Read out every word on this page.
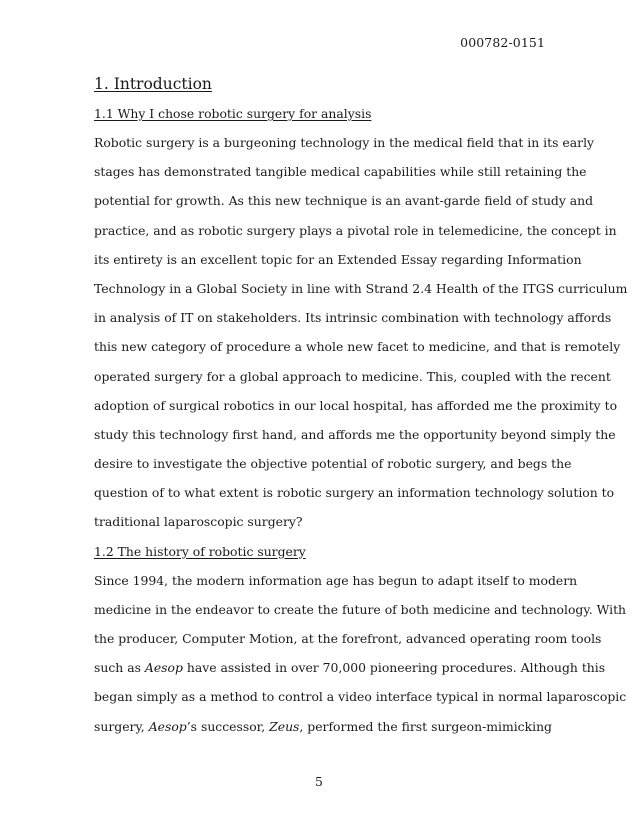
000782-0151
1. Introduction
1.1 Why I chose robotic surgery for analysis
Robotic surgery is a burgeoning technology in the medical field that in its early
stages has demonstrated tangible medical capabilities while still retaining the
potential for growth. As this new technique is an avant-garde field of study and
practice, and as robotic surgery plays a pivotal role in telemedicine, the concept in
its entirety is an excellent topic for an Extended Essay regarding Information
Technology in a Global Society in line with Strand 2.4 Health of the ITGS curriculum
in analysis of IT on stakeholders. Its intrinsic combination with technology affords
this new category of procedure a whole new facet to medicine, and that is remotely
operated surgery for a global approach to medicine. This, coupled with the recent
adoption of surgical robotics in our local hospital, has afforded me the proximity to
study this technology first hand, and affords me the opportunity beyond simply the
desire to investigate the objective potential of robotic surgery, and begs the
question of to what extent is robotic surgery an information technology solution to
traditional laparoscopic surgery?
1.2 The history of robotic surgery
Since 1994, the modern information age has begun to adapt itself to modern
medicine in the endeavor to create the future of both medicine and technology. With
the producer, Computer Motion, at the forefront, advanced operating room tools
such as Aesop have assisted in over 70,000 pioneering procedures. Although this
began simply as a method to control a video interface typical in normal laparoscopic
surgery, Aesop’s successor, Zeus, performed the first surgeon-mimicking
5
